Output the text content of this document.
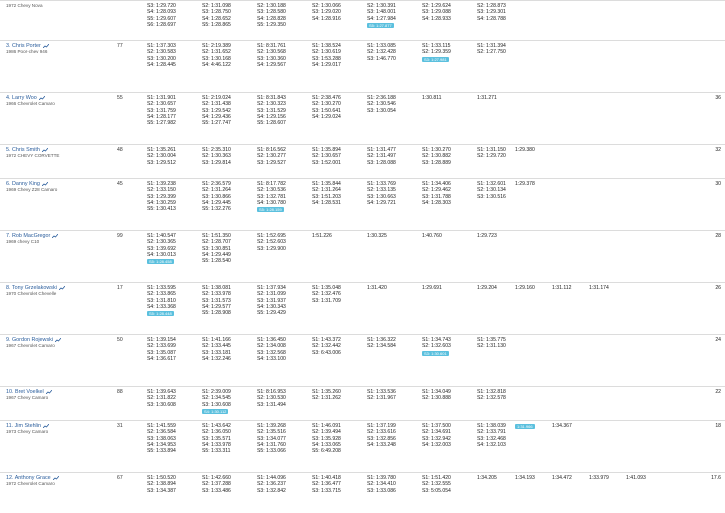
1972 Chevy Nova		S3: 1:29.720
S4: 1:28.093
S5: 1:29.607
S6: 1:28.697	S2: 1:31.098
S3: 1:28.750
S4: 1:28.652
S5: 1:28.865	S2: 1:30.188
S3: 1:28.580
S4: 1:28.828
S5: 1:29.350	S2: 1:30.066
S3: 1:29.020
S4: 1:28.916	S2: 1:30.391
S3: 1:48.001
S4: 1:27.984
S5: 1:27.877	S2: 1:29.624
S3: 1:29.088
S4: 1:28.933	S2: 1:28.873
S3: 1:29.301
S4: 1:28.788						

3. Chris Porter
1986 Poor-chev 946	77	S1: 1:37.303
S2: 1:30.583
S3: 1:30.200
S4: 1:28.445	S1: 2:19.389
S2: 1:31.652
S3: 1:30.168
S4: 4:46.122	S1: 8:31.761
S2: 1:30.568
S3: 1:30.360
S4: 1:29.567	S1: 1:38.524
S2: 1:30.619
S3: 1:53.288
S4: 1:29.017	S1: 1:33.085
S2: 1:32.428
S3: 1:46.770	S1: 1:33.115
S2: 1:29.359
S3: 1:27.981	S1: 1:31.394
S2: 1:27.750						

4. Larry Woo
1966 Chevrolet Camaro	55	S1: 1:31.901
S2: 1:30.657
S3: 1:31.759
S4: 1:28.177
S5: 1:27.982	S1: 2:19.024
S2: 1:31.438
S3: 1:29.542
S4: 1:29.436
S5: 1:27.747	S1: 8:31.843
S2: 1:30.323
S3: 1:31.529
S4: 1:29.156
S5: 1:28.607	S1: 2:38.476
S2: 1:30.270
S3: 1:50.641
S4: 1:29.024	S1: 2:36.188
S2: 1:30.546
S3: 1:30.054	1:30.811	1:31.271						36
5. Chris Smith
1972 CHEVY CORVETTE	48	S1: 1:35.261
S2: 1:30.004
S3: 1:29.512	S1: 2:35.310
S2: 1:30.363
S3: 1:29.814	S1: 8:16.562
S2: 1:30.277
S3: 1:29.527	S1: 1:35.894
S2: 1:30.657
S3: 1:52.001	S1: 1:31.477
S2: 1:31.497
S3: 1:28.088	S1: 1:30.270
S2: 1:30.882
S3: 1:28.889	S1: 1:31.150
S2: 1:29.720	1:29.380					32
6. Danny King
1969 Chevy Z28 Camaro	45	S1: 1:39.238
S2: 1:33.150
S3: 1:29.399
S4: 1:30.259
S5: 1:30.413	S1: 2:36.579
S2: 1:31.264
S3: 1:30.866
S4: 1:29.445
S5: 1:32.276	S1: 8:17.782
S2: 1:30.536
S3: 1:32.781
S4: 1:30.780
S5: 1:28.159	S1: 1:35.844
S2: 1:31.264
S3: 1:51.203
S4: 1:28.531	S1: 1:33.769
S2: 1:33.135
S3: 1:30.663
S4: 1:29.721	S1: 1:34.406
S2: 1:29.462
S3: 1:31.788
S4: 1:28.303	S1: 1:32.601
S2: 1:30.134
S3: 1:30.516	1:29.378					30
7. Rob MacGregor
1969 chevy C10	99	S1: 1:40.547
S2: 1:30.365
S3: 1:39.692
S4: 1:30.013
S5: 1:28.458	S1: 1:51.350
S2: 1:28.707
S3: 1:30.851
S4: 1:29.449
S5: 1:28.540	S1: 1:52.695
S2: 1:52.603
S3: 1:29.900	1:51.226	1:30.325	1:40.760	1:29.723						28
8. Tony Grzelakowski
1970 Chevrolet Chevelle	17	S1: 1:33.595
S2: 1:33.865
S3: 1:31.810
S4: 1:33.368
S5: 1:28.448	S1: 1:38.081
S2: 1:33.978
S3: 1:31.573
S4: 1:29.577
S5: 1:28.908	S1: 1:37.934
S2: 1:31.099
S3: 1:31.937
S4: 1:30.343
S5: 1:29.429	S1: 1:35.048
S2: 1:32.476
S3: 1:31.709	1:31.420	1:29.691	1:29.204	1:29.160	1:31.112	1:31.174			26
9. Gordon Rojewski
1967 Chevrolet Camaro	50	S1: 1:39.154
S2: 1:33.699
S3: 1:35.087
S4: 1:36.617	S1: 1:41.166
S2: 1:33.445
S3: 1:33.181
S4: 1:32.246	S1: 1:36.450
S2: 1:34.008
S3: 1:32.568
S4: 1:33.100	S1: 1:43.372
S2: 1:32.442
S3: 6:43.006	S1: 1:36.322
S2: 1:34.584	S1: 1:34.743
S2: 1:32.603
S3: 1:30.601	S1: 1:35.775
S2: 1:31.130						24
10. Bret Voelkel
1967 Chevy Camaro	88	S1: 1:39.643
S2: 1:31.822
S3: 1:30.608	S1: 2:39.009
S2: 1:34.545
S3: 1:30.608
S4: 1:30.112	S1: 8:16.953
S2: 1:30.530
S3: 1:31.494	S1: 1:35.260
S2: 1:31.262	S1: 1:33.536
S2: 1:31.967	S1: 1:34.049
S2: 1:30.888	S1: 1:32.818
S2: 1:32.578						22
11. Jim Stehlin
1973 Chevy Camaro	31	S1: 1:41.559
S2: 1:36.584
S3: 1:38.063
S4: 1:34.953
S5: 1:33.894	S1: 1:43.642
S2: 1:36.050
S3: 1:35.571
S4: 1:33.978
S5: 1:33.311	S1: 1:39.268
S2: 1:35.516
S3: 1:34.077
S4: 1:31.760
S5: 1:33.066	S1: 1:46.091
S2: 1:39.494
S3: 1:35.928
S4: 1:33.065
S5: 6:49.208	S1: 1:37.199
S2: 1:33.616
S3: 1:32.856
S4: 1:33.248	S1: 1:37.500
S2: 1:34.691
S3: 1:32.942
S4: 1:32.003	S1: 1:38.039
S2: 1:33.791
S3: 1:32.468
S4: 1:32.103	1:31.966	1:34.367				18
12. Anthony Grace
1972 Chevrolet Camaro	67	S1: 1:50.520
S2: 1:38.894
S3: 1:34.387	S1: 1:42.660
S2: 1:37.288
S3: 1:33.486	S1: 1:44.096
S2: 1:36.237
S3: 1:32.842	S1: 1:40.418
S2: 1:36.477
S3: 1:33.715	S1: 1:39.780
S2: 1:34.410
S3: 1:33.086	S1: 1:51.420
S2: 1:32.555
S3: 5:05.054	1:34.205	1:34.193	1:34.472	1:33.979	1:41.093		17.6
